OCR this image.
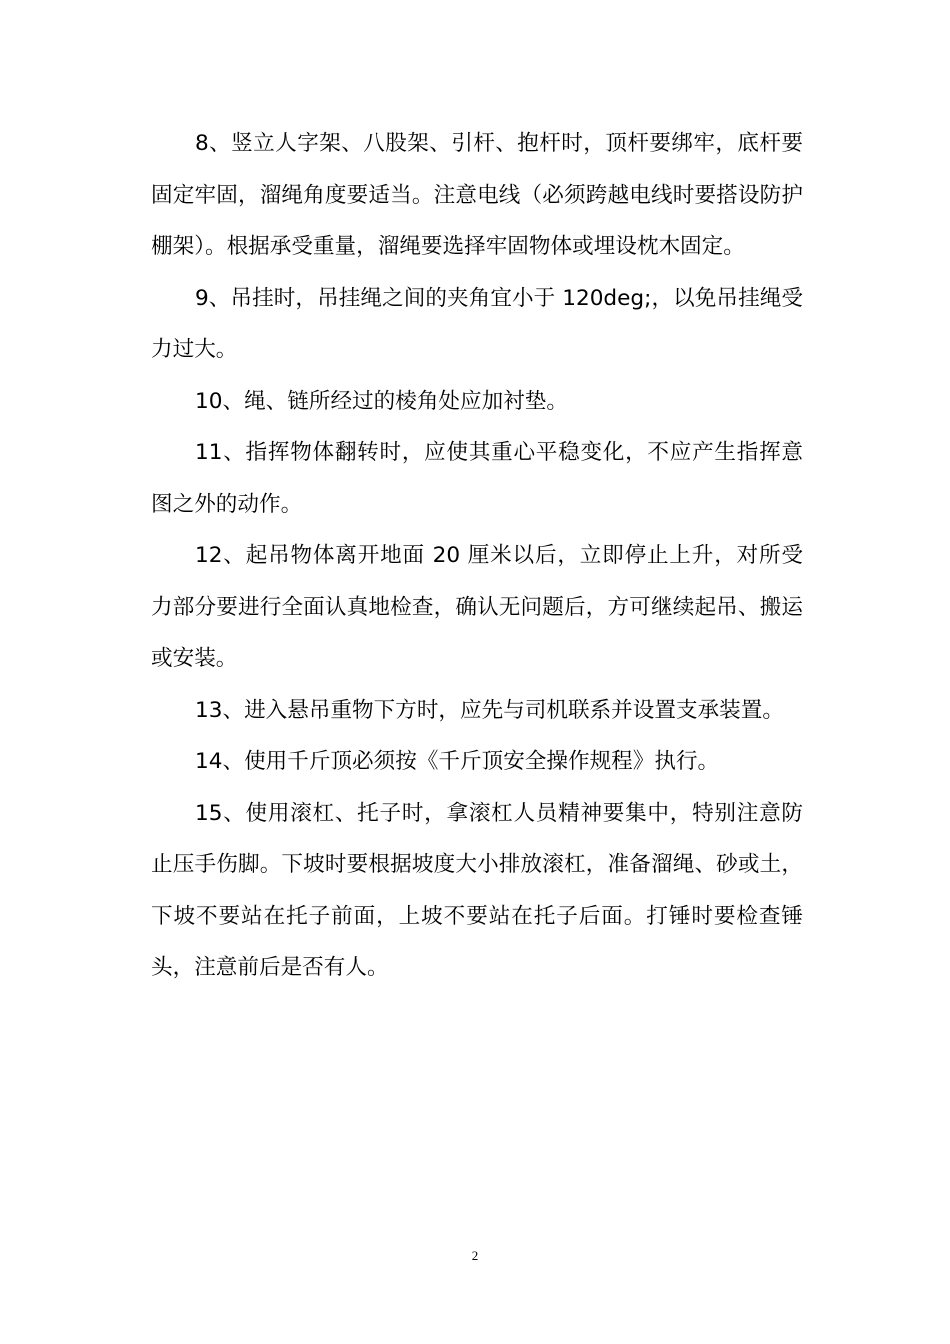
8、竖立人字架、八股架、引杆、抱杆时，顶杆要绑牢，底杆要固定牢固，溜绳角度要适当。注意电线（必须跨越电线时要搭设防护棚架）。根据承受重量，溜绳要选择牢固物体或埋设枕木固定。

9、吊挂时，吊挂绳之间的夹角宜小于 120deg;，以免吊挂绳受力过大。

10、绳、链所经过的棱角处应加衬垫。

11、指挥物体翻转时，应使其重心平稳变化，不应产生指挥意图之外的动作。

12、起吊物体离开地面 20 厘米以后，立即停止上升，对所受力部分要进行全面认真地检查，确认无问题后，方可继续起吊、搬运或安装。

13、进入悬吊重物下方时，应先与司机联系并设置支承装置。

14、使用千斤顶必须按《千斤顶安全操作规程》执行。

15、使用滚杠、托子时，拿滚杠人员精神要集中，特别注意防止压手伤脚。下坡时要根据坡度大小排放滚杠，准备溜绳、砂或土，下坡不要站在托子前面，上坡不要站在托子后面。打锤时要检查锤头，注意前后是否有人。

2
